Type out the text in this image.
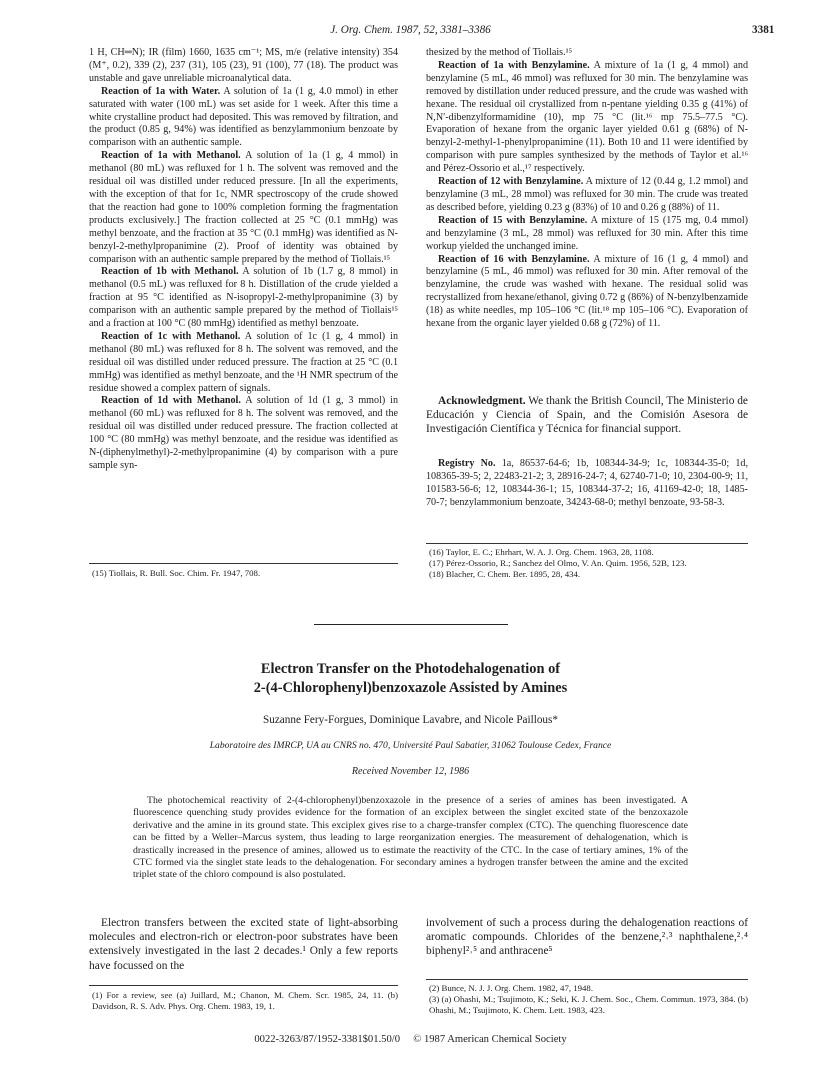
J. Org. Chem. 1987, 52, 3381–3386	3381

1 H, CH═N); IR (film) 1660, 1635 cm⁻¹; MS, m/e (relative intensity) 354 (M⁺, 0.2), 339 (2), 237 (31), 105 (23), 91 (100), 77 (18). The product was unstable and gave unreliable microanalytical data.

Reaction of 1a with Water. A solution of 1a (1 g, 4.0 mmol) in ether saturated with water (100 mL) was set aside for 1 week. After this time a white crystalline product had deposited. This was removed by filtration, and the product (0.85 g, 94%) was identified as benzylammonium benzoate by comparison with an authentic sample.

Reaction of 1a with Methanol. A solution of 1a (1 g, 4 mmol) in methanol (80 mL) was refluxed for 1 h. The solvent was removed and the residual oil was distilled under reduced pressure. [In all the experiments, with the exception of that for 1c, NMR spectroscopy of the crude showed that the reaction had gone to 100% completion forming the fragmentation products exclusively.] The fraction collected at 25 °C (0.1 mmHg) was methyl benzoate, and the fraction at 35 °C (0.1 mmHg) was identified as N-benzyl-2-methylpropanimine (2). Proof of identity was obtained by comparison with an authentic sample prepared by the method of Tiollais.¹⁵

Reaction of 1b with Methanol. A solution of 1b (1.7 g, 8 mmol) in methanol (0.5 mL) was refluxed for 8 h. Distillation of the crude yielded a fraction at 95 °C identified as N-isopropyl-2-methylpropanimine (3) by comparison with an authentic sample prepared by the method of Tiollais¹⁵ and a fraction at 100 °C (80 mmHg) identified as methyl benzoate.

Reaction of 1c with Methanol. A solution of 1c (1 g, 4 mmol) in methanol (80 mL) was refluxed for 8 h. The solvent was removed, and the residual oil was distilled under reduced pressure. The fraction at 25 °C (0.1 mmHg) was identified as methyl benzoate, and the ¹H NMR spectrum of the residue showed a complex pattern of signals.

Reaction of 1d with Methanol. A solution of 1d (1 g, 3 mmol) in methanol (60 mL) was refluxed for 8 h. The solvent was removed, and the residual oil was distilled under reduced pressure. The fraction collected at 100 °C (80 mmHg) was methyl benzoate, and the residue was identified as N-(diphenylmethyl)-2-methylpropanimine (4) by comparison with a pure sample syn-

(15) Tiollais, R. Bull. Soc. Chim. Fr. 1947, 708.

thesized by the method of Tiollais.¹⁵

Reaction of 1a with Benzylamine. A mixture of 1a (1 g, 4 mmol) and benzylamine (5 mL, 46 mmol) was refluxed for 30 min. The benzylamine was removed by distillation under reduced pressure, and the crude was washed with hexane. The residual oil crystallized from n-pentane yielding 0.35 g (41%) of N,N′-dibenzylformamidine (10), mp 75 °C (lit.¹⁶ mp 75.5–77.5 °C). Evaporation of hexane from the organic layer yielded 0.61 g (68%) of N-benzyl-2-methyl-1-phenylpropanimine (11). Both 10 and 11 were identified by comparison with pure samples synthesized by the methods of Taylor et al.¹⁶ and Pérez-Ossorio et al.,¹⁷ respectively.

Reaction of 12 with Benzylamine. A mixture of 12 (0.44 g, 1.2 mmol) and benzylamine (3 mL, 28 mmol) was refluxed for 30 min. The crude was treated as described before, yielding 0.23 g (83%) of 10 and 0.26 g (88%) of 11.

Reaction of 15 with Benzylamine. A mixture of 15 (175 mg, 0.4 mmol) and benzylamine (3 mL, 28 mmol) was refluxed for 30 min. After this time workup yielded the unchanged imine.

Reaction of 16 with Benzylamine. A mixture of 16 (1 g, 4 mmol) and benzylamine (5 mL, 46 mmol) was refluxed for 30 min. After removal of the benzylamine, the crude was washed with hexane. The residual solid was recrystallized from hexane/ethanol, giving 0.72 g (86%) of N-benzylbenzamide (18) as white needles, mp 105–106 °C (lit.¹⁸ mp 105–106 °C). Evaporation of hexane from the organic layer yielded 0.68 g (72%) of 11.

Acknowledgment. We thank the British Council, The Ministerio de Educación y Ciencia of Spain, and the Comisión Asesora de Investigación Científica y Técnica for financial support.
Registry No. 1a, 86537-64-6; 1b, 108344-34-9; 1c, 108344-35-0; 1d, 108365-39-5; 2, 22483-21-2; 3, 28916-24-7; 4, 62740-71-0; 10, 2304-00-9; 11, 101583-56-6; 12, 108344-36-1; 15, 108344-37-2; 16, 41169-42-0; 18, 1485-70-7; benzylammonium benzoate, 34243-68-0; methyl benzoate, 93-58-3.

(16) Taylor, E. C.; Ehrhart, W. A. J. Org. Chem. 1963, 28, 1108.

(17) Pérez-Ossorio, R.; Sanchez del Olmo, V. An. Quim. 1956, 52B, 123.

(18) Blacher, C. Chem. Ber. 1895, 28, 434.

Electron Transfer on the Photodehalogenation of
2-(4-Chlorophenyl)benzoxazole Assisted by Amines
Suzanne Fery-Forgues, Dominique Lavabre, and Nicole Paillous*
Laboratoire des IMRCP, UA au CNRS no. 470, Université Paul Sabatier, 31062 Toulouse Cedex, France
Received November 12, 1986
The photochemical reactivity of 2-(4-chlorophenyl)benzoxazole in the presence of a series of amines has been investigated. A fluorescence quenching study provides evidence for the formation of an exciplex between the singlet excited state of the benzoxazole derivative and the amine in its ground state. This exciplex gives rise to a charge-transfer complex (CTC). The quenching fluorescence date can be fitted by a Weller–Marcus system, thus leading to large reorganization energies. The measurement of dehalogenation, which is drastically increased in the presence of amines, allowed us to estimate the reactivity of the CTC. In the case of tertiary amines, 1% of the CTC formed via the singlet state leads to the dehalogenation. For secondary amines a hydrogen transfer between the amine and the excited triplet state of the chloro compound is also postulated.
Electron transfers between the excited state of light-absorbing molecules and electron-rich or electron-poor substrates have been extensively investigated in the last 2 decades.¹ Only a few reports have focussed on the
involvement of such a process during the dehalogenation reactions of aromatic compounds. Chlorides of the benzene,²˒³ naphthalene,²˒⁴ biphenyl²˒⁵ and anthracene⁵
(1) For a review, see (a) Juillard, M.; Chanon, M. Chem. Scr. 1985, 24, 11. (b) Davidson, R. S. Adv. Phys. Org. Chem. 1983, 19, 1.

(2) Bunce, N. J. J. Org. Chem. 1982, 47, 1948.

(3) (a) Ohashi, M.; Tsujimoto, K.; Seki, K. J. Chem. Soc., Chem. Commun. 1973, 384. (b) Ohashi, M.; Tsujimoto, K. Chem. Lett. 1983, 423.

0022-3263/87/1952-3381$01.50/0 © 1987 American Chemical Society
